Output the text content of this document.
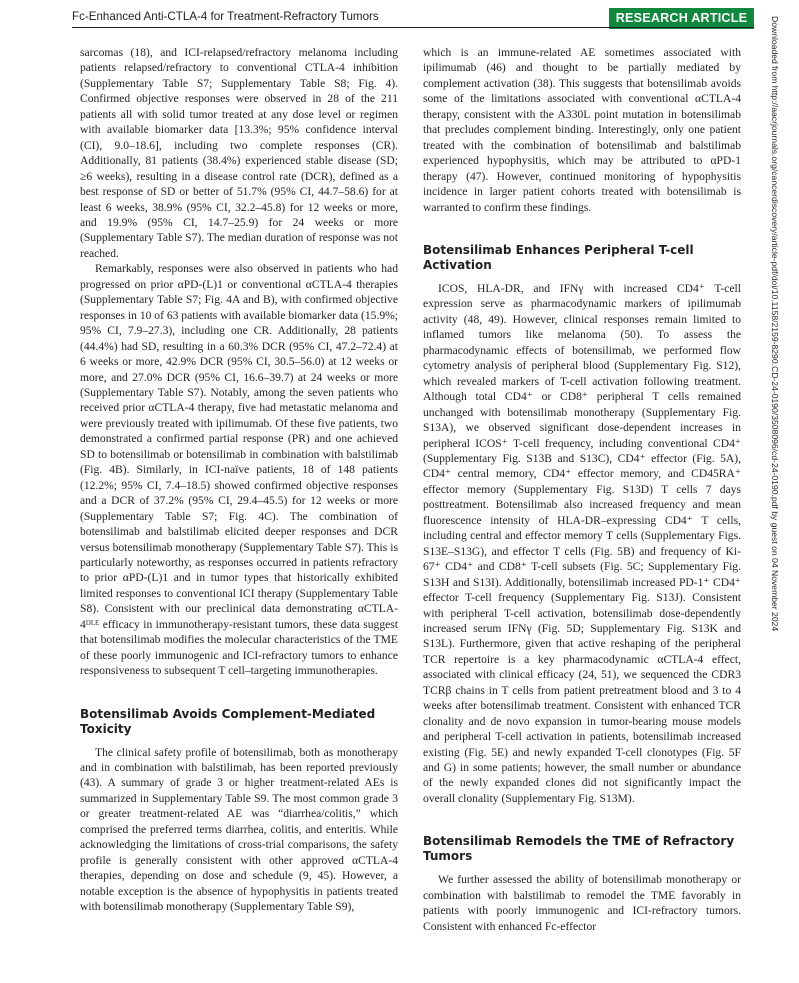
Fc-Enhanced Anti-CTLA-4 for Treatment-Refractory Tumors	RESEARCH ARTICLE

sarcomas (18), and ICI-relapsed/refractory melanoma including patients relapsed/refractory to conventional CTLA-4 inhibition (Supplementary Table S7; Supplementary Table S8; Fig. 4). Confirmed objective responses were observed in 28 of the 211 patients all with solid tumor treated at any dose level or regimen with available biomarker data [13.3%; 95% confidence interval (CI), 9.0–18.6], including two complete responses (CR). Additionally, 81 patients (38.4%) experienced stable disease (SD; ≥6 weeks), resulting in a disease control rate (DCR), defined as a best response of SD or better of 51.7% (95% CI, 44.7–58.6) for at least 6 weeks, 38.9% (95% CI, 32.2–45.8) for 12 weeks or more, and 19.9% (95% CI, 14.7–25.9) for 24 weeks or more (Supplementary Table S7). The median duration of response was not reached.

Remarkably, responses were also observed in patients who had progressed on prior αPD-(L)1 or conventional αCTLA-4 therapies (Supplementary Table S7; Fig. 4A and B), with confirmed objective responses in 10 of 63 patients with available biomarker data (15.9%; 95% CI, 7.9–27.3), including one CR. Additionally, 28 patients (44.4%) had SD, resulting in a 60.3% DCR (95% CI, 47.2–72.4) at 6 weeks or more, 42.9% DCR (95% CI, 30.5–56.0) at 12 weeks or more, and 27.0% DCR (95% CI, 16.6–39.7) at 24 weeks or more (Supplementary Table S7). Notably, among the seven patients who received prior αCTLA-4 therapy, five had metastatic melanoma and were previously treated with ipilimumab. Of these five patients, two demonstrated a confirmed partial response (PR) and one achieved SD to botensilimab or botensilimab in combination with balstilimab (Fig. 4B). Similarly, in ICI-naïve patients, 18 of 148 patients (12.2%; 95% CI, 7.4–18.5) showed confirmed objective responses and a DCR of 37.2% (95% CI, 29.4–45.5) for 12 weeks or more (Supplementary Table S7; Fig. 4C). The combination of botensilimab and balstilimab elicited deeper responses and DCR versus botensilimab monotherapy (Supplementary Table S7). This is particularly noteworthy, as responses occurred in patients refractory to prior αPD-(L)1 and in tumor types that historically exhibited limited responses to conventional ICI therapy (Supplementary Table S8). Consistent with our preclinical data demonstrating αCTLA-4ᴰᴸᴱ efficacy in immunotherapy-resistant tumors, these data suggest that botensilimab modifies the molecular characteristics of the TME of these poorly immunogenic and ICI-refractory tumors to enhance responsiveness to subsequent T cell–targeting immunotherapies.

Botensilimab Avoids Complement-Mediated Toxicity

The clinical safety profile of botensilimab, both as monotherapy and in combination with balstilimab, has been reported previously (43). A summary of grade 3 or higher treatment-related AEs is summarized in Supplementary Table S9. The most common grade 3 or greater treatment-related AE was “diarrhea/colitis,” which comprised the preferred terms diarrhea, colitis, and enteritis. While acknowledging the limitations of cross-trial comparisons, the safety profile is generally consistent with other approved αCTLA-4 therapies, depending on dose and schedule (9, 45). However, a notable exception is the absence of hypophysitis in patients treated with botensilimab monotherapy (Supplementary Table S9),

which is an immune-related AE sometimes associated with ipilimumab (46) and thought to be partially mediated by complement activation (38). This suggests that botensilimab avoids some of the limitations associated with conventional αCTLA-4 therapy, consistent with the A330L point mutation in botensilimab that precludes complement binding. Interestingly, only one patient treated with the combination of botensilimab and balstilimab experienced hypophysitis, which may be attributed to αPD-1 therapy (47). However, continued monitoring of hypophysitis incidence in larger patient cohorts treated with botensilimab is warranted to confirm these findings.

Botensilimab Enhances Peripheral T-cell Activation

ICOS, HLA-DR, and IFNγ with increased CD4⁺ T-cell expression serve as pharmacodynamic markers of ipilimumab activity (48, 49). However, clinical responses remain limited to inflamed tumors like melanoma (50). To assess the pharmacodynamic effects of botensilimab, we performed flow cytometry analysis of peripheral blood (Supplementary Fig. S12), which revealed markers of T-cell activation following treatment. Although total CD4⁺ or CD8⁺ peripheral T cells remained unchanged with botensilimab monotherapy (Supplementary Fig. S13A), we observed significant dose-dependent increases in peripheral ICOS⁺ T-cell frequency, including conventional CD4⁺ (Supplementary Fig. S13B and S13C), CD4⁺ effector (Fig. 5A), CD4⁺ central memory, CD4⁺ effector memory, and CD45RA⁺ effector memory (Supplementary Fig. S13D) T cells 7 days posttreatment. Botensilimab also increased frequency and mean fluorescence intensity of HLA-DR–expressing CD4⁺ T cells, including central and effector memory T cells (Supplementary Figs. S13E–S13G), and effector T cells (Fig. 5B) and frequency of Ki-67⁺ CD4⁺ and CD8⁺ T-cell subsets (Fig. 5C; Supplementary Fig. S13H and S13I). Additionally, botensilimab increased PD-1⁺ CD4⁺ effector T-cell frequency (Supplementary Fig. S13J). Consistent with peripheral T-cell activation, botensilimab dose-dependently increased serum IFNγ (Fig. 5D; Supplementary Fig. S13K and S13L). Furthermore, given that active reshaping of the peripheral TCR repertoire is a key pharmacodynamic αCTLA-4 effect, associated with clinical efficacy (24, 51), we sequenced the CDR3 TCRβ chains in T cells from patient pretreatment blood and 3 to 4 weeks after botensilimab treatment. Consistent with enhanced TCR clonality and de novo expansion in tumor-bearing mouse models and peripheral T-cell activation in patients, botensilimab increased existing (Fig. 5E) and newly expanded T-cell clonotypes (Fig. 5F and G) in some patients; however, the small number or abundance of the newly expanded clones did not significantly impact the overall clonality (Supplementary Fig. S13M).

Botensilimab Remodels the TME of Refractory Tumors

We further assessed the ability of botensilimab monotherapy or combination with balstilimab to remodel the TME favorably in patients with poorly immunogenic and ICI-refractory tumors. Consistent with enhanced Fc-effector

Downloaded from http://aacrjournals.org/cancerdiscovery/article-pdf/doi/10.1158/2159-8290.CD-24-0190/3508096/cd-24-0190.pdf by guest on 04 November 2024
